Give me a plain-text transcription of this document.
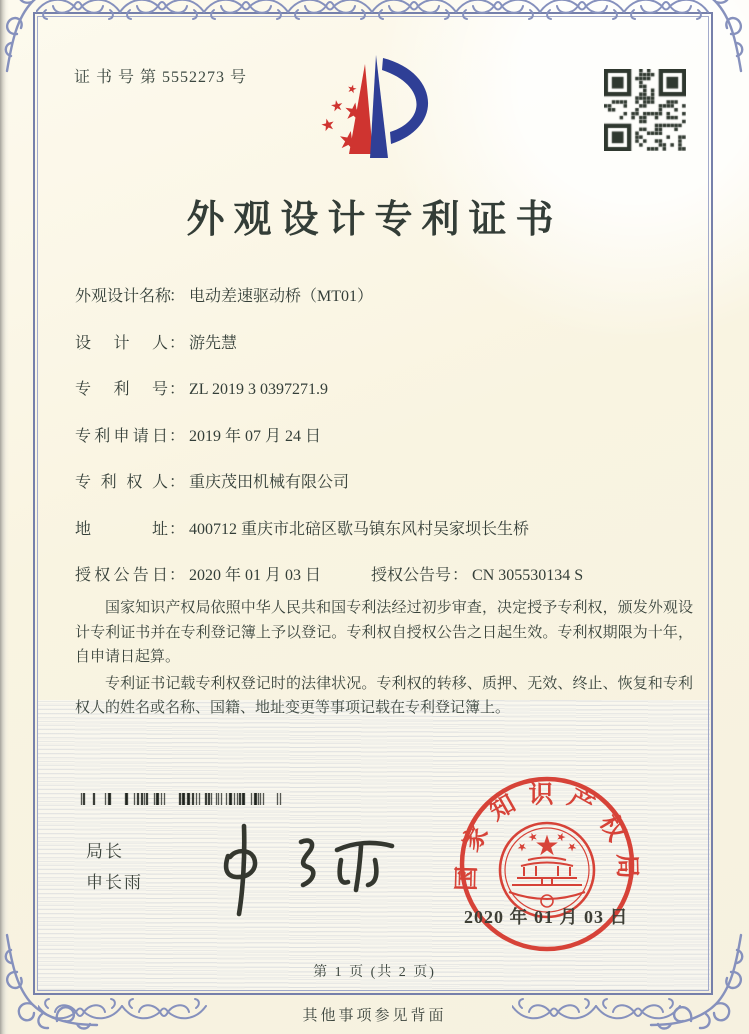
证 书 号 第 5552273 号
外观设计专利证书
外观设计名称： 电动差速驱动桥（MT01）
设 计 人： 游先慧
专 利 号： ZL 2019 3 0397271.9
专利申请日： 2019 年 07 月 24 日
专 利 权 人： 重庆茂田机械有限公司
地 址： 400712 重庆市北碚区歇马镇东风村吴家坝长生桥
授权公告日： 2020 年 01 月 03 日	授权公告号： CN 305530134 S

国家知识产权局依照中华人民共和国专利法经过初步审查，决定授予专利权，颁发外观设计专利证书并在专利登记簿上予以登记。专利权自授权公告之日起生效。专利权期限为十年，自申请日起算。

专利证书记载专利权登记时的法律状况。专利权的转移、质押、无效、终止、恢复和专利权人的姓名或名称、国籍、地址变更等事项记载在专利登记簿上。

局长
申长雨	国家知识产权局
2020 年 01 月 03 日
第 1 页 (共 2 页)
其他事项参见背面
